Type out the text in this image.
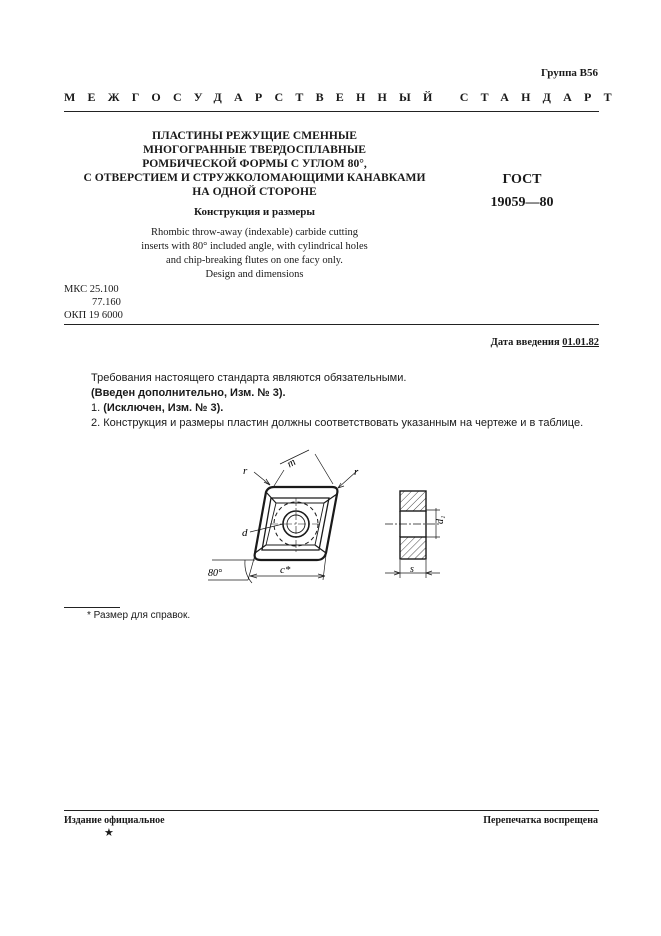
Группа В56
МЕЖГОСУДАРСТВЕННЫЙ СТАНДАРТ
ПЛАСТИНЫ РЕЖУЩИЕ СМЕННЫЕ
МНОГОГРАННЫЕ ТВЕРДОСПЛАВНЫЕ
РОМБИЧЕСКОЙ ФОРМЫ С УГЛОМ 80°,
С ОТВЕРСТИЕМ И СТРУЖКОЛОМАЮЩИМИ КАНАВКАМИ
НА ОДНОЙ СТОРОНЕ
Конструкция и размеры
Rhombic throw-away (indexable) carbide cutting
inserts with 80° included angle, with cylindrical holes
and chip-breaking flutes on one facy only.
Design and dimensions
ГОСТ
19059—80
МКС 25.100
77.160
ОКП 19 6000
Дата введения 01.01.82
Требования настоящего стандарта являются обязательными.
(Введен дополнительно, Изм. № 3).
1. (Исключен, Изм. № 3).
2. Конструкция и размеры пластин должны соответствовать указанным на чертеже и в таблице.
r	r
m
d
80°	c*
d₁
s
* Размер для справок.
Издание официальное	Перепечатка воспрещена
★
